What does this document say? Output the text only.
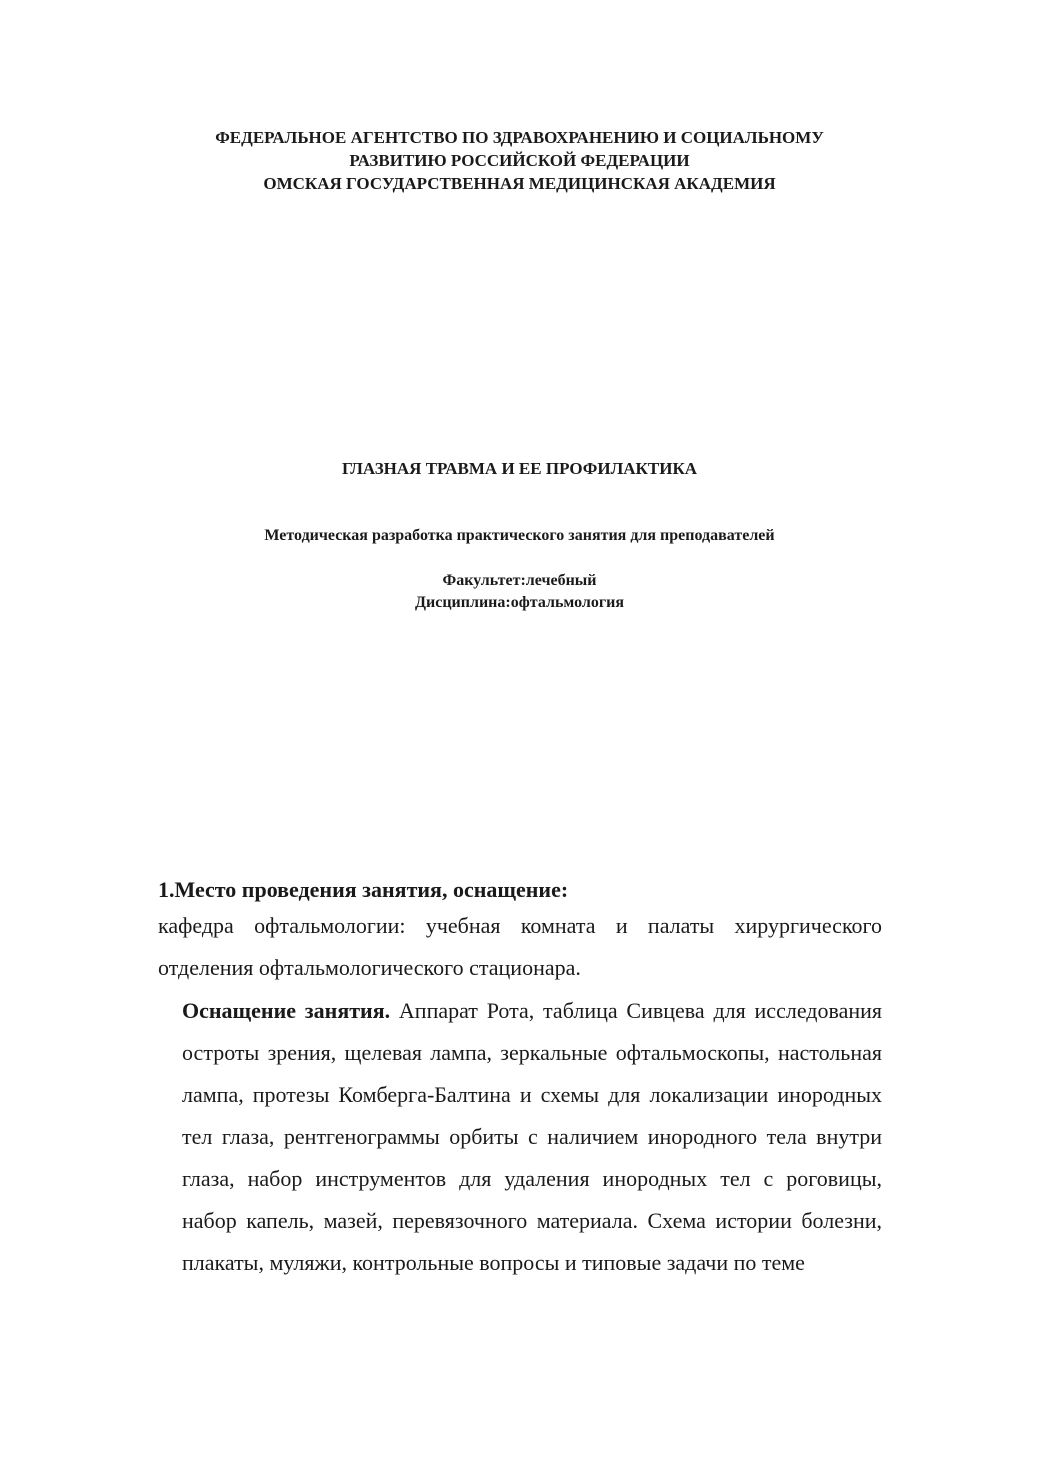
ФЕДЕРАЛЬНОЕ АГЕНТСТВО ПО ЗДРАВОХРАНЕНИЮ И СОЦИАЛЬНОМУ
РАЗВИТИЮ РОССИЙСКОЙ ФЕДЕРАЦИИ
ОМСКАЯ ГОСУДАРСТВЕННАЯ МЕДИЦИНСКАЯ АКАДЕМИЯ
ГЛАЗНАЯ ТРАВМА И ЕЕ ПРОФИЛАКТИКА
Методическая разработка практического занятия для преподавателей
Факультет:лечебный
Дисциплина:офтальмология

1.Место проведения занятия, оснащение:

кафедра офтальмологии: учебная комната и палаты хирургического отделения офтальмологического стационара.

Оснащение занятия. Аппарат Рота, таблица Сивцева для исследования остроты зрения, щелевая лампа, зеркальные офтальмоскопы, настольная лампа, протезы Комберга-Балтина и схемы для локализации инородных тел глаза, рентгенограммы орбиты с наличием инородного тела внутри глаза, набор инструментов для удаления инородных тел с роговицы, набор капель, мазей, перевязочного материала. Схема истории болезни, плакаты, муляжи, контрольные вопросы и типовые задачи по теме
